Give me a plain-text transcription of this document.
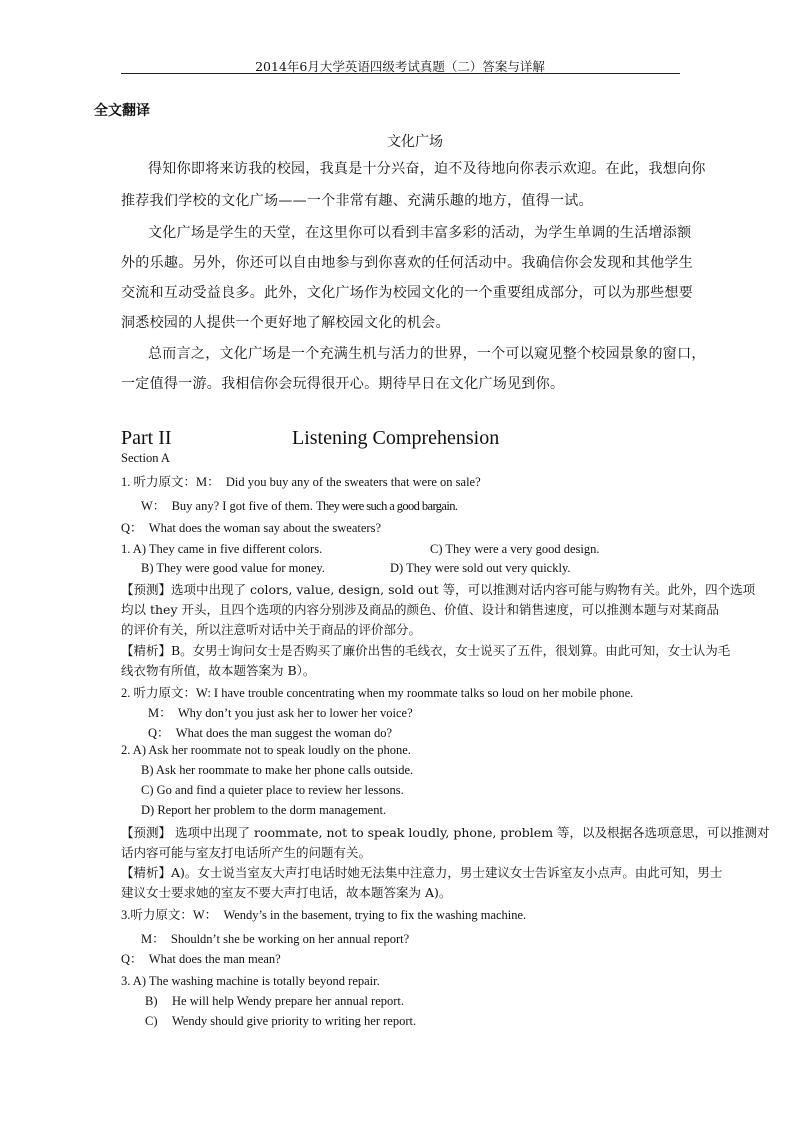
2014年6月大学英语四级考试真题（二）答案与详解
全文翻译
文化广场
得知你即将来访我的校园，我真是十分兴奋，迫不及待地向你表示欢迎。在此，我想向你
推荐我们学校的文化广场——一个非常有趣、充满乐趣的地方，值得一试。
文化广场是学生的天堂，在这里你可以看到丰富多彩的活动，为学生单调的生活增添额
外的乐趣。另外，你还可以自由地参与到你喜欢的任何活动中。我确信你会发现和其他学生
交流和互动受益良多。此外，文化广场作为校园文化的一个重要组成部分，可以为那些想要
洞悉校园的人提供一个更好地了解校园文化的机会。
总而言之，文化广场是一个充满生机与活力的世界，一个可以窥见整个校园景象的窗口，
一定值得一游。我相信你会玩得很开心。期待早日在文化广场见到你。
Part II	Listening Comprehension
Section A
1. 听力原文：M： Did you buy any of the sweaters that were on sale?
W： Buy any? I got five of them. They were such a good bargain.
Q： What does the woman say about the sweaters?
1. A) They came in five different colors.	C) They were a very good design.
B) They were good value for money.	D) They were sold out very quickly.
【预测】选项中出现了 colors, value, design, sold out 等，可以推测对话内容可能与购物有关。此外，四个选项
均以 they 开头，且四个选项的内容分别涉及商品的颜色、价值、设计和销售速度，可以推测本题与对某商品
的评价有关，所以注意听对话中关于商品的评价部分。
【精析】B。女男士询问女士是否购买了廉价出售的毛线衣，女士说买了五件，很划算。由此可知，女士认为毛
线衣物有所值，故本题答案为 B）。
2. 听力原文：W: I have trouble concentrating when my roommate talks so loud on her mobile phone.
M： Why don’t you just ask her to lower her voice?
Q： What does the man suggest the woman do?
2. A) Ask her roommate not to speak loudly on the phone.
B) Ask her roommate to make her phone calls outside.
C) Go and find a quieter place to review her lessons.
D) Report her problem to the dorm management.
【预测】 选项中出现了 roommate, not to speak loudly, phone, problem 等，以及根据各选项意思，可以推测对
话内容可能与室友打电话所产生的问题有关。
【精析】A)。女士说当室友大声打电话时她无法集中注意力，男士建议女士告诉室友小点声。由此可知，男士
建议女士要求她的室友不要大声打电话，故本题答案为 A)。
3.听力原文：W： Wendy’s in the basement, trying to fix the washing machine.
M： Shouldn’t she be working on her annual report?
Q： What does the man mean?
3. A) The washing machine is totally beyond repair.
B) He will help Wendy prepare her annual report.
C) Wendy should give priority to writing her report.
